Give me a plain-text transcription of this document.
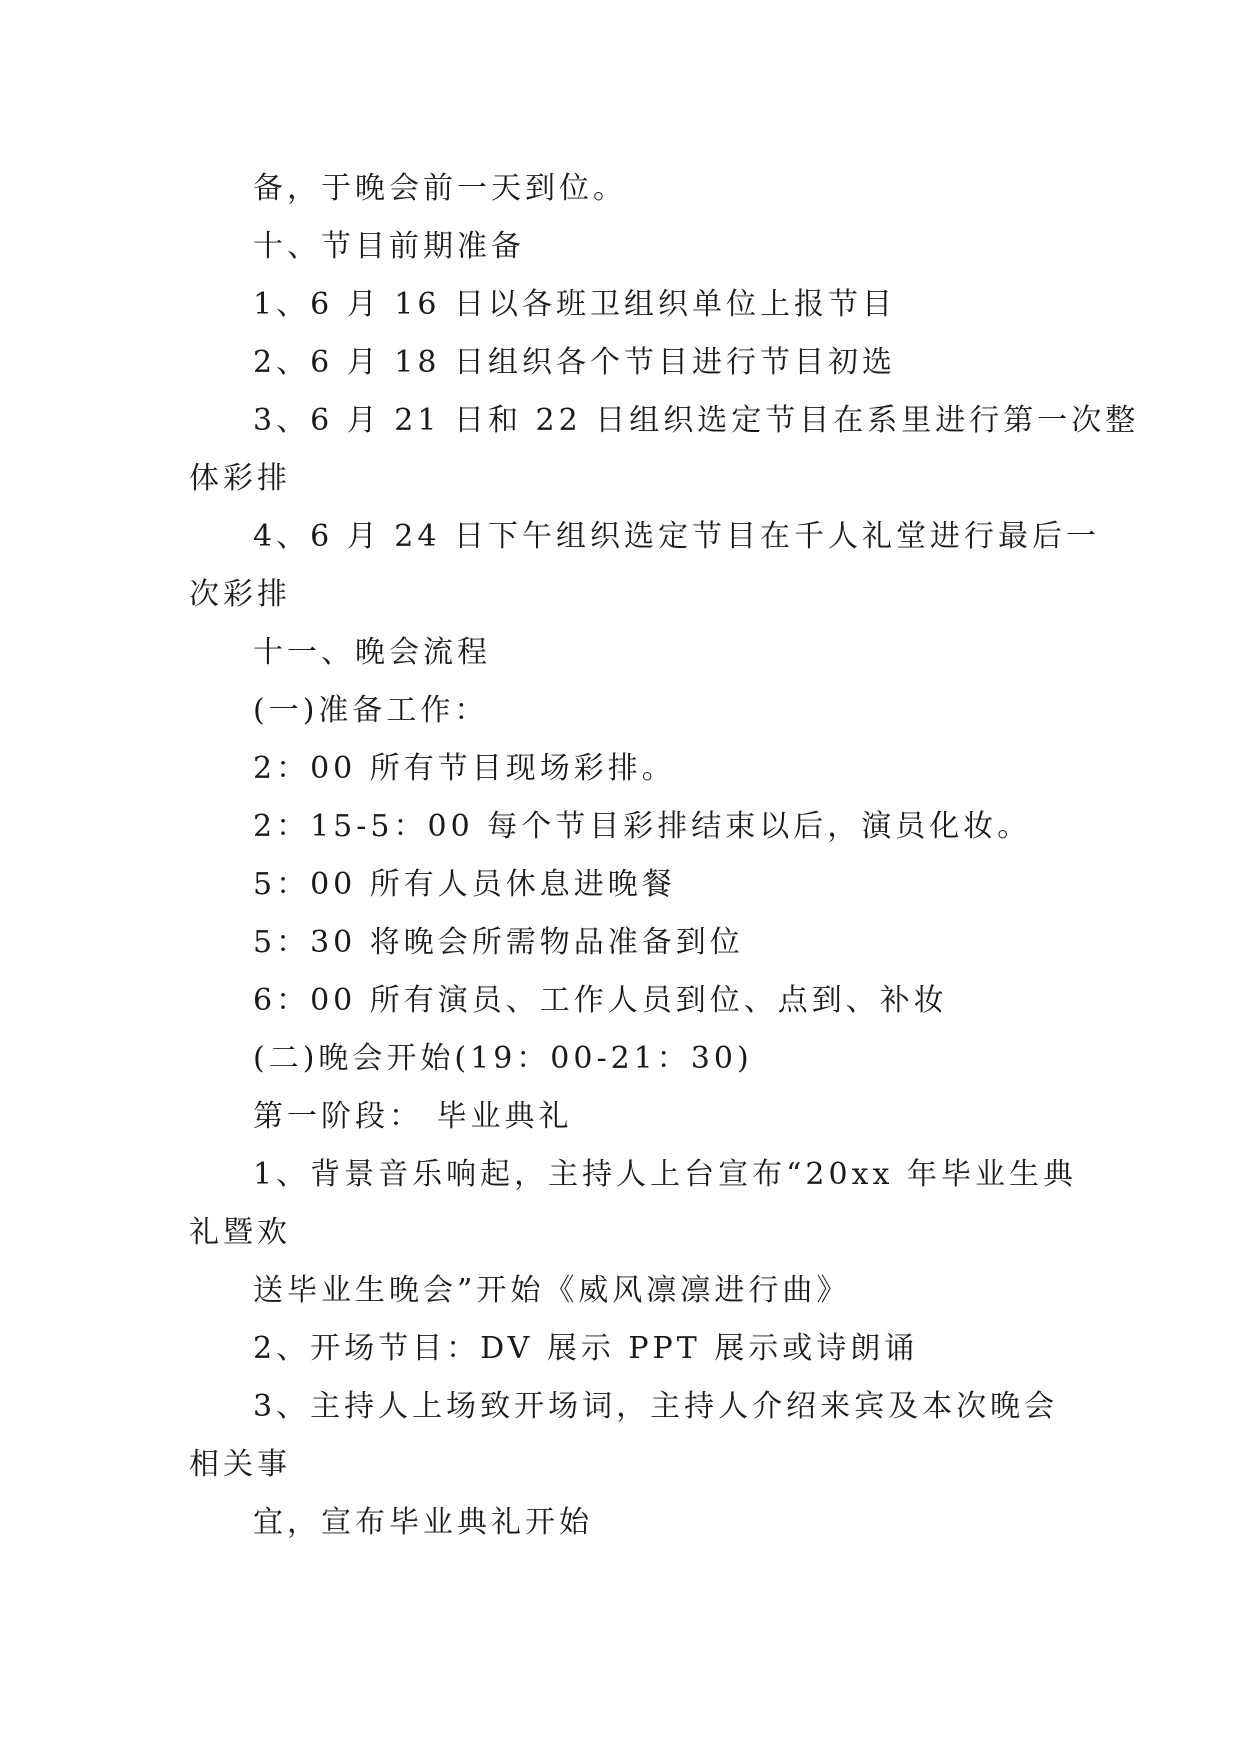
备，于晚会前一天到位。
十、节目前期准备
1、6 月 16 日以各班卫组织单位上报节目
2、6 月 18 日组织各个节目进行节目初选
3、6 月 21 日和 22 日组织选定节目在系里进行第一次整
体彩排
4、6 月 24 日下午组织选定节目在千人礼堂进行最后一
次彩排
十一、晚会流程
(一)准备工作：
2：00 所有节目现场彩排。
2：15-5：00 每个节目彩排结束以后，演员化妆。
5：00 所有人员休息进晚餐
5：30 将晚会所需物品准备到位
6：00 所有演员、工作人员到位、点到、补妆
(二)晚会开始(19：00-21：30)
第一阶段： 毕业典礼
1、背景音乐响起，主持人上台宣布“20xx 年毕业生典
礼暨欢
送毕业生晚会”开始《威风凛凛进行曲》
2、开场节目：DV 展示 PPT 展示或诗朗诵
3、主持人上场致开场词，主持人介绍来宾及本次晚会
相关事
宜，宣布毕业典礼开始
